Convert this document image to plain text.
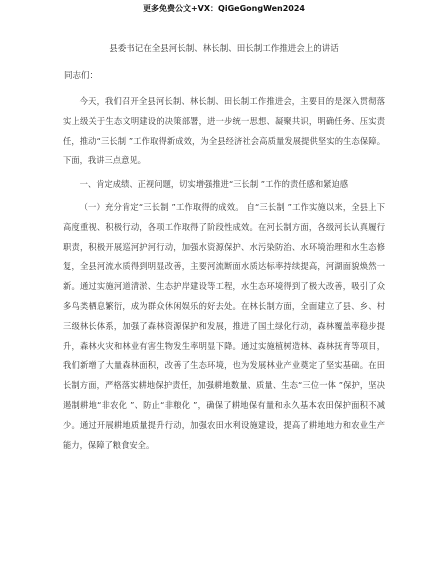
更多免费公文+VX：QiGeGongWen2024
县委书记在全县河长制、林长制、田长制工作推进会上的讲话
同志们：

今天，我们召开全县河长制、林长制、田长制工作推进会，主要目的是深入贯彻落实上级关于生态文明建设的决策部署，进一步统一思想、凝聚共识，明确任务、压实责任，推动“三长制 ”工作取得新成效，为全县经济社会高质量发展提供坚实的生态保障。下面，我讲三点意见。

一、肯定成绩、正视问题，切实增强推进“三长制 ”工作的责任感和紧迫感

（一）充分肯定“三长制 ”工作取得的成效。 自“三长制 ”工作实施以来，全县上下高度重视、积极行动，各项工作取得了阶段性成效。在河长制方面，各级河长认真履行职责，积极开展巡河护河行动，加强水资源保护、水污染防治、水环境治理和水生态修复，全县河流水质得到明显改善，主要河流断面水质达标率持续提高，河湖面貌焕然一新。通过实施河道清淤、生态护岸建设等工程，水生态环境得到了极大改善，吸引了众多鸟类栖息繁衍，成为群众休闲娱乐的好去处。在林长制方面，全面建立了县、乡、村三级林长体系，加强了森林资源保护和发展，推进了国土绿化行动，森林覆盖率稳步提升，森林火灾和林业有害生物发生率明显下降。通过实施植树造林、森林抚育等项目，我们新增了大量森林面积，改善了生态环境，也为发展林业产业奠定了坚实基础。在田长制方面，严格落实耕地保护责任，加强耕地数量、质量、生态“三位一体 ”保护，坚决遏制耕地“非农化 ”、防止“非粮化 ”，确保了耕地保有量和永久基本农田保护面积不减少。通过开展耕地质量提升行动，加强农田水利设施建设，提高了耕地地力和农业生产能力，保障了粮食安全。
